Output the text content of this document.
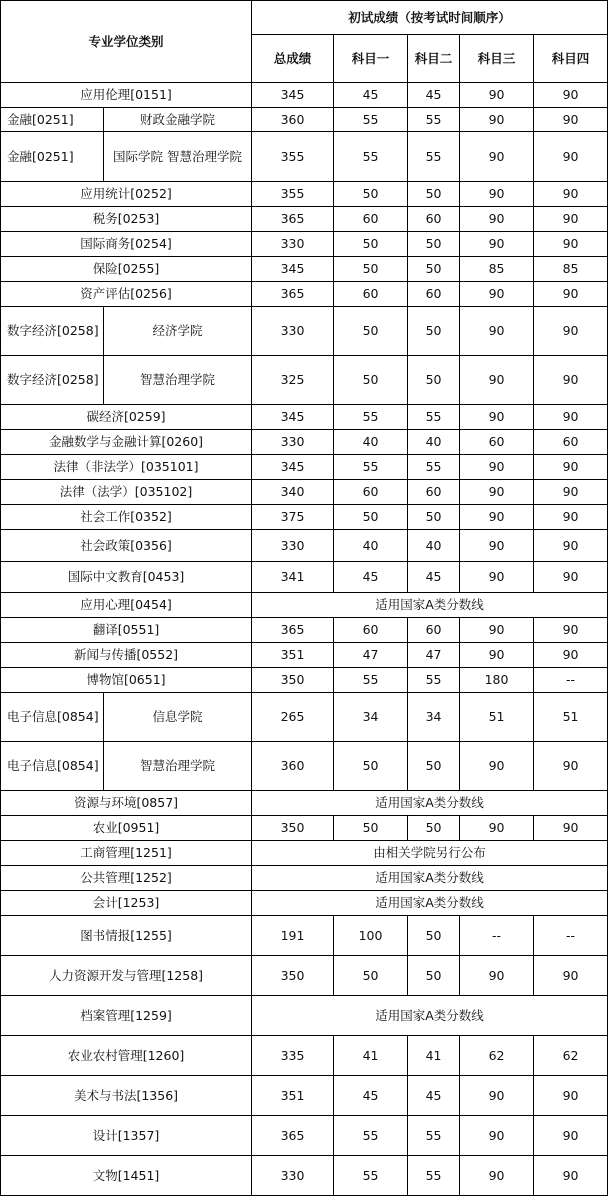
专业学位类别		初试成绩（按考试时间顺序）				
		总成绩	科目一	科目二	科目三	科目四
应用伦理[0151]		345	45	45	90	90
金融[0251]	财政金融学院	360	55	55	90	90
金融[0251]	国际学院 智慧治理学院	355	55	55	90	90
应用统计[0252]		355	50	50	90	90
税务[0253]		365	60	60	90	90
国际商务[0254]		330	50	50	90	90
保险[0255]		345	50	50	85	85
资产评估[0256]		365	60	60	90	90
数字经济[0258]	经济学院	330	50	50	90	90
数字经济[0258]	智慧治理学院	325	50	50	90	90
碳经济[0259]		345	55	55	90	90
金融数学与金融计算[0260]		330	40	40	60	60
法律（非法学）[035101]		345	55	55	90	90
法律（法学）[035102]		340	60	60	90	90
社会工作[0352]		375	50	50	90	90
社会政策[0356]		330	40	40	90	90
国际中文教育[0453]		341	45	45	90	90
应用心理[0454]		适用国家A类分数线				
翻译[0551]		365	60	60	90	90
新闻与传播[0552]		351	47	47	90	90
博物馆[0651]		350	55	55	180	--
电子信息[0854]	信息学院	265	34	34	51	51
电子信息[0854]	智慧治理学院	360	50	50	90	90
资源与环境[0857]		适用国家A类分数线				
农业[0951]		350	50	50	90	90
工商管理[1251]		由相关学院另行公布				
公共管理[1252]		适用国家A类分数线				
会计[1253]		适用国家A类分数线				
图书情报[1255]		191	100	50	--	--
人力资源开发与管理[1258]		350	50	50	90	90
档案管理[1259]		适用国家A类分数线				
农业农村管理[1260]		335	41	41	62	62
美术与书法[1356]		351	45	45	90	90
设计[1357]		365	55	55	90	90
文物[1451]		330	55	55	90	90
